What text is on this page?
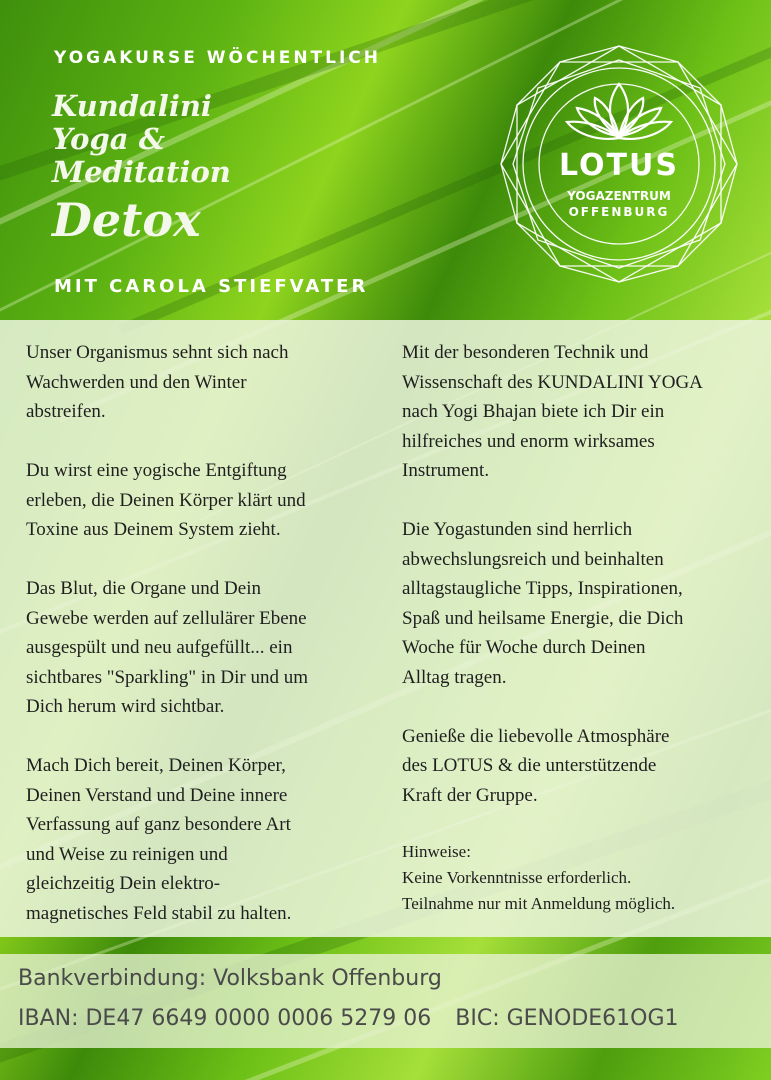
YOGAKURSE WÖCHENTLICH
Kundalini
Yoga &
Meditation
Detox
MIT CAROLA STIEFVATER
LOTUS
YOGAZENTRUM
OFFENBURG

Unser Organismus sehnt sich nach
Wachwerden und den Winter
abstreifen.

Du wirst eine yogische Entgiftung
erleben, die Deinen Körper klärt und
Toxine aus Deinem System zieht.

Das Blut, die Organe und Dein
Gewebe werden auf zellulärer Ebene
ausgespült und neu aufgefüllt... ein
sichtbares "Sparkling" in Dir und um
Dich herum wird sichtbar.

Mach Dich bereit, Deinen Körper,
Deinen Verstand und Deine innere
Verfassung auf ganz besondere Art
und Weise zu reinigen und
gleichzeitig Dein elektro-
magnetisches Feld stabil zu halten.

Mit der besonderen Technik und
Wissenschaft des KUNDALINI YOGA
nach Yogi Bhajan biete ich Dir ein
hilfreiches und enorm wirksames
Instrument.

Die Yogastunden sind herrlich
abwechslungsreich und beinhalten
alltagstaugliche Tipps, Inspirationen,
Spaß und heilsame Energie, die Dich
Woche für Woche durch Deinen
Alltag tragen.

Genieße die liebevolle Atmosphäre
des LOTUS & die unterstützende
Kraft der Gruppe.

Hinweise:
Keine Vorkenntnisse erforderlich.
Teilnahme nur mit Anmeldung möglich.
Bankverbindung: Volksbank Offenburg
IBAN: DE47 6649 0000 0006 5279 06 BIC: GENODE61OG1
